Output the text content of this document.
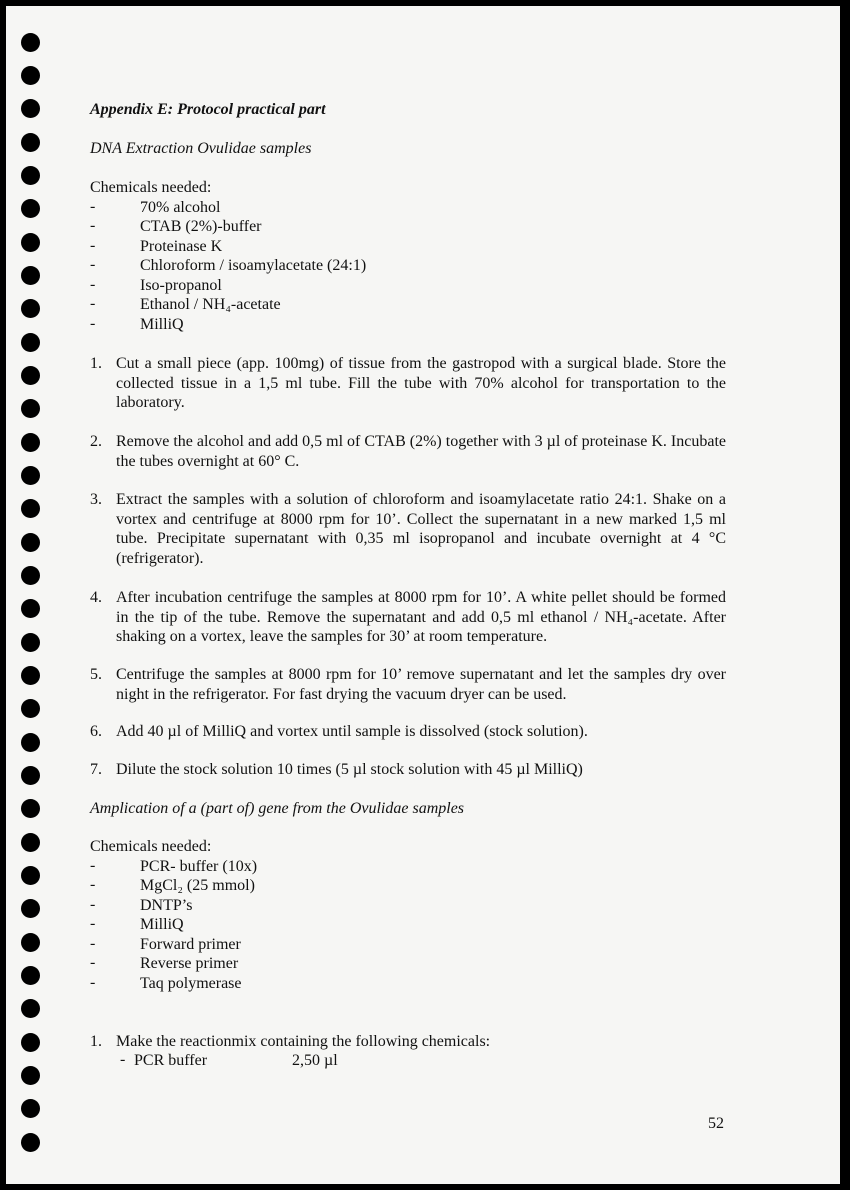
Appendix E: Protocol practical part
DNA Extraction Ovulidae samples
Chemicals needed:
-	70% alcohol
-	CTAB (2%)-buffer
-	Proteinase K
-	Chloroform / isoamylacetate (24:1)
-	Iso-propanol
-	Ethanol / NH₄-acetate
-	MilliQ
1. Cut a small piece (app. 100mg) of tissue from the gastropod with a surgical blade. Store the collected tissue in a 1,5 ml tube. Fill the tube with 70% alcohol for transportation to the laboratory.
2. Remove the alcohol and add 0,5 ml of CTAB (2%) together with 3 µl of proteinase K. Incubate the tubes overnight at 60° C.
3. Extract the samples with a solution of chloroform and isoamylacetate ratio 24:1. Shake on a vortex and centrifuge at 8000 rpm for 10’. Collect the supernatant in a new marked 1,5 ml tube. Precipitate supernatant with 0,35 ml isopropanol and incubate overnight at 4 °C (refrigerator).
4. After incubation centrifuge the samples at 8000 rpm for 10’. A white pellet should be formed in the tip of the tube. Remove the supernatant and add 0,5 ml ethanol / NH₄-acetate. After shaking on a vortex, leave the samples for 30’ at room temperature.
5. Centrifuge the samples at 8000 rpm for 10’ remove supernatant and let the samples dry over night in the refrigerator. For fast drying the vacuum dryer can be used.
6. Add 40 µl of MilliQ and vortex until sample is dissolved (stock solution).
7. Dilute the stock solution 10 times (5 µl stock solution with 45 µl MilliQ)
Amplication of a (part of) gene from the Ovulidae samples
Chemicals needed:
-	PCR- buffer (10x)
-	MgCl₂ (25 mmol)
-	DNTP’s
-	MilliQ
-	Forward primer
-	Reverse primer
-	Taq polymerase
1. Make the reactionmix containing the following chemicals:
- PCR buffer	2,50 µl
52
